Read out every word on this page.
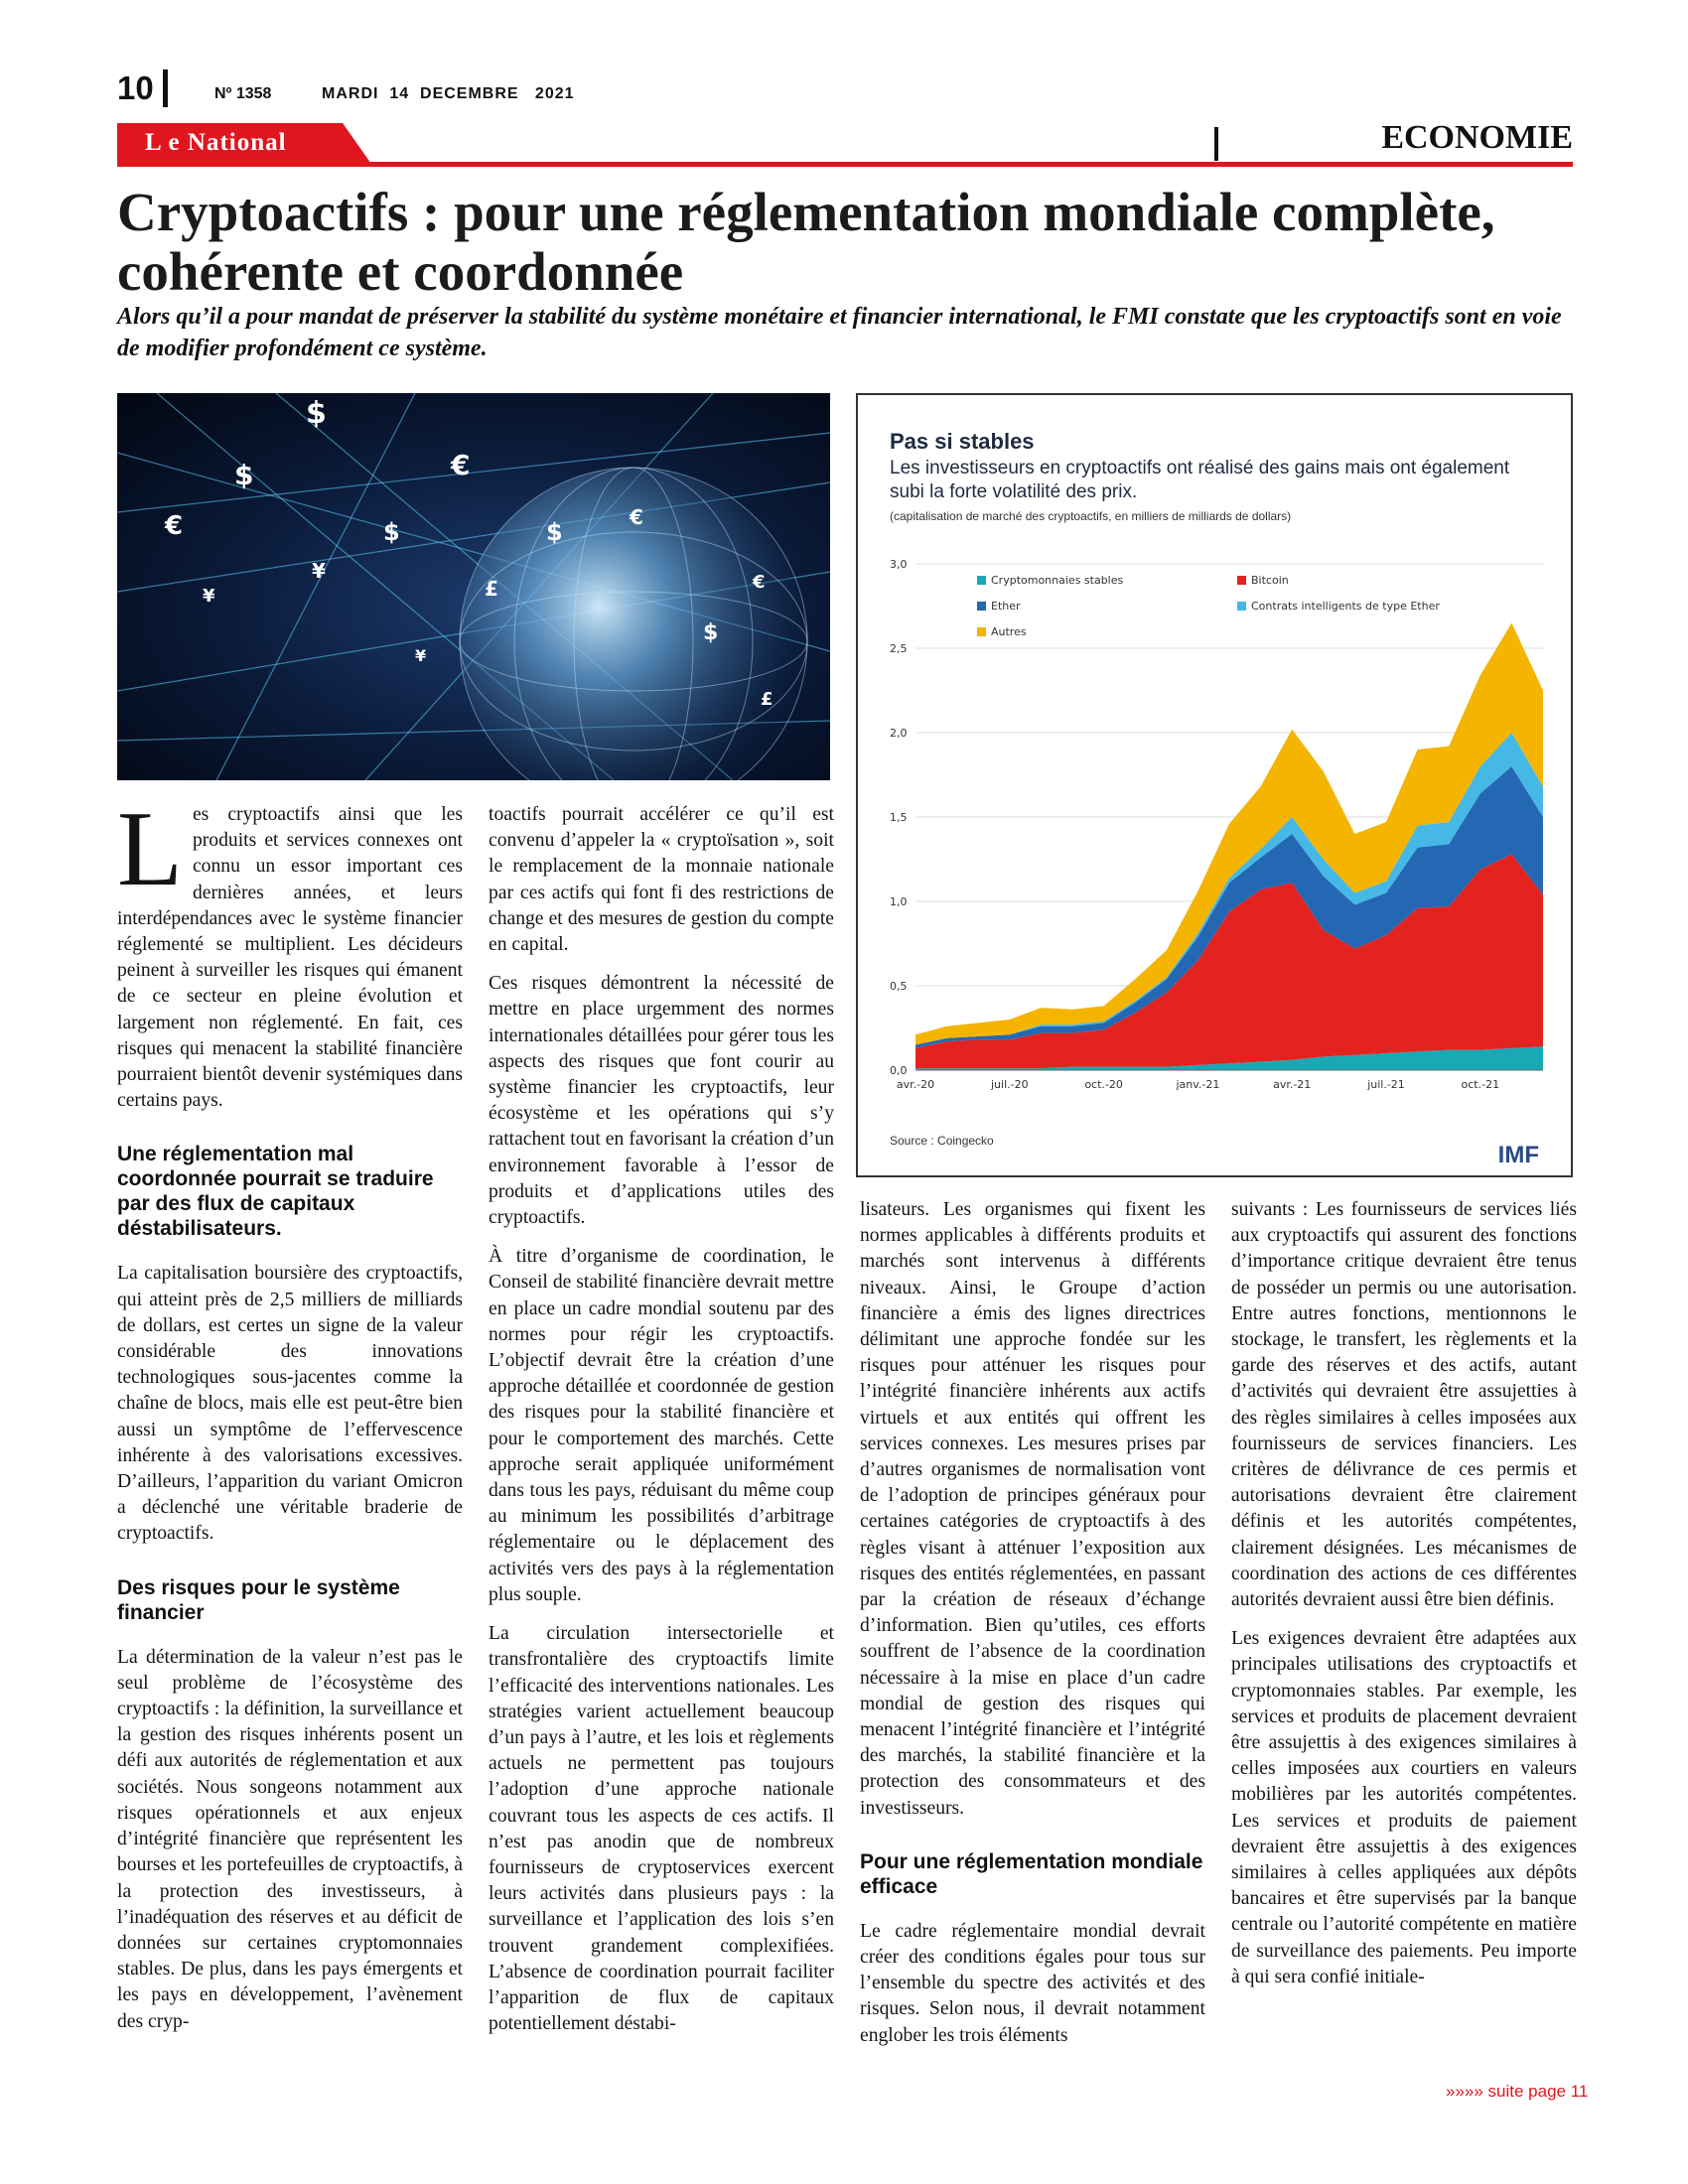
10	Nº 1358	MARDI  14  DECEMBRE   2021
L e National	ECONOMIE
Cryptoactifs : pour une réglementation mondiale complète, cohérente et coordonnée

Alors qu’il a pour mandat de préserver la stabilité du système monétaire et financier international, le FMI constate que les cryptoactifs sont en voie de modifier profondément ce système.

$
$	€
$
€	$
€
¥
£
$
¥
€
¥
£
0,0
0,5
1,0
1,5
2,0
2,5
3,0
avr.-20	juil.-20	oct.-20	janv.-21	avr.-21	juil.-21	oct.-21
Cryptomonnaies stables	Bitcoin
Ether	Contrats intelligents de type Ether
Autres
Pas si stables
Les investisseurs en cryptoactifs ont réalisé des gains mais ont également subi la forte volatilité des prix.
(capitalisation de marché des cryptoactifs, en milliers de milliards de dollars)
Source : Coingecko
IMF

Les cryptoactifs ainsi que les produits et services connexes ont connu un essor important ces dernières années, et leurs interdépendances avec le système financier réglementé se multiplient. Les décideurs peinent à surveiller les risques qui émanent de ce secteur en pleine évolution et largement non réglementé. En fait, ces risques qui menacent la stabilité financière pourraient bientôt devenir systémiques dans certains pays.

Une réglementation mal coordonnée pourrait se traduire par des flux de capitaux déstabilisateurs.

La capitalisation boursière des cryptoactifs, qui atteint près de 2,5 milliers de milliards de dollars, est certes un signe de la valeur considérable des innovations technologiques sous-jacentes comme la chaîne de blocs, mais elle est peut-être bien aussi un symptôme de l’effervescence inhérente à des valorisations excessives. D’ailleurs, l’apparition du variant Omicron a déclenché une véritable braderie de cryptoactifs.

Des risques pour le système financier

La détermination de la valeur n’est pas le seul problème de l’écosystème des cryptoactifs : la définition, la surveillance et la gestion des risques inhérents posent un défi aux autorités de réglementation et aux sociétés. Nous songeons notamment aux risques opérationnels et aux enjeux d’intégrité financière que représentent les bourses et les portefeuilles de cryptoactifs, à la protection des investisseurs, à l’inadéquation des réserves et au déficit de données sur certaines cryptomonnaies stables. De plus, dans les pays émergents et les pays en développement, l’avènement des cryp-

toactifs pourrait accélérer ce qu’il est convenu d’appeler la « cryptoïsation », soit le remplacement de la monnaie nationale par ces actifs qui font fi des restrictions de change et des mesures de gestion du compte en capital.

Ces risques démontrent la nécessité de mettre en place urgemment des normes internationales détaillées pour gérer tous les aspects des risques que font courir au système financier les cryptoactifs, leur écosystème et les opérations qui s’y rattachent tout en favorisant la création d’un environnement favorable à l’essor de produits et d’applications utiles des cryptoactifs.

À titre d’organisme de coordination, le Conseil de stabilité financière devrait mettre en place un cadre mondial soutenu par des normes pour régir les cryptoactifs. L’objectif devrait être la création d’une approche détaillée et coordonnée de gestion des risques pour la stabilité financière et pour le comportement des marchés. Cette approche serait appliquée uniformément dans tous les pays, réduisant du même coup au minimum les possibilités d’arbitrage réglementaire ou le déplacement des activités vers des pays à la réglementation plus souple.

La circulation intersectorielle et transfrontalière des cryptoactifs limite l’efficacité des interventions nationales. Les stratégies varient actuellement beaucoup d’un pays à l’autre, et les lois et règlements actuels ne permettent pas toujours l’adoption d’une approche nationale couvrant tous les aspects de ces actifs. Il n’est pas anodin que de nombreux fournisseurs de cryptoservices exercent leurs activités dans plusieurs pays : la surveillance et l’application des lois s’en trouvent grandement complexifiées. L’absence de coordination pourrait faciliter l’apparition de flux de capitaux potentiellement déstabi-

lisateurs. Les organismes qui fixent les normes applicables à différents produits et marchés sont intervenus à différents niveaux. Ainsi, le Groupe d’action financière a émis des lignes directrices délimitant une approche fondée sur les risques pour atténuer les risques pour l’intégrité financière inhérents aux actifs virtuels et aux entités qui offrent les services connexes. Les mesures prises par d’autres organismes de normalisation vont de l’adoption de principes généraux pour certaines catégories de cryptoactifs à des règles visant à atténuer l’exposition aux risques des entités réglementées, en passant par la création de réseaux d’échange d’information. Bien qu’utiles, ces efforts souffrent de l’absence de la coordination nécessaire à la mise en place d’un cadre mondial de gestion des risques qui menacent l’intégrité financière et l’intégrité des marchés, la stabilité financière et la protection des consommateurs et des investisseurs.

Pour une réglementation mondiale efficace

Le cadre réglementaire mondial devrait créer des conditions égales pour tous sur l’ensemble du spectre des activités et des risques. Selon nous, il devrait notamment englober les trois éléments

suivants : Les fournisseurs de services liés aux cryptoactifs qui assurent des fonctions d’importance critique devraient être tenus de posséder un permis ou une autorisation. Entre autres fonctions, mentionnons le stockage, le transfert, les règlements et la garde des réserves et des actifs, autant d’activités qui devraient être assujetties à des règles similaires à celles imposées aux fournisseurs de services financiers. Les critères de délivrance de ces permis et autorisations devraient être clairement définis et les autorités compétentes, clairement désignées. Les mécanismes de coordination des actions de ces différentes autorités devraient aussi être bien définis.

Les exigences devraient être adaptées aux principales utilisations des cryptoactifs et cryptomonnaies stables. Par exemple, les services et produits de placement devraient être assujettis à des exigences similaires à celles imposées aux courtiers en valeurs mobilières par les autorités compétentes. Les services et produits de paiement devraient être assujettis à des exigences similaires à celles appliquées aux dépôts bancaires et être supervisés par la banque centrale ou l’autorité compétente en matière de surveillance des paiements. Peu importe à qui sera confié initiale-

»»»» suite page 11
